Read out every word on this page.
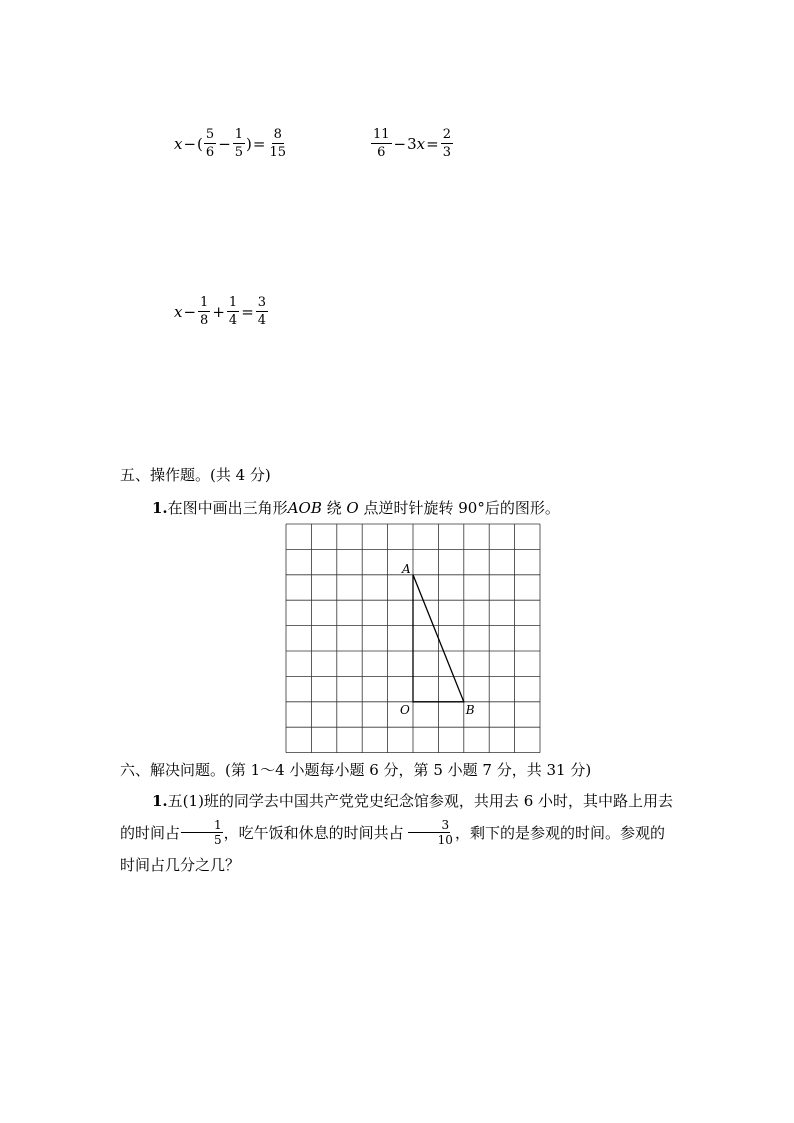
x − ( $\frac{5}{6} - \frac{1}{5}$ ) = $\frac{8}{15}$	$\frac{11}{6} - 3$ $x = \frac{2}{3}$
$x - \frac{1}{8} + \frac{1}{4} = \frac{3}{4}$
五、操作题。(共 4 分)
1.在图中画出三角形AOB 绕 O 点逆时针旋转 90°后的图形。
A
O	B
六、解决问题。(第 1～4 小题每小题 6 分，第 5 小题 7 分，共 31 分)
1.五(1)班的同学去中国共产党党史纪念馆参观，共用去 6 小时，其中路上用去的时间占 $\frac{1}{5}$ ，吃午饭和休息的时间共占 $\frac{3}{10}$ ，剩下的是参观的时间。参观的时间占几分之几？
